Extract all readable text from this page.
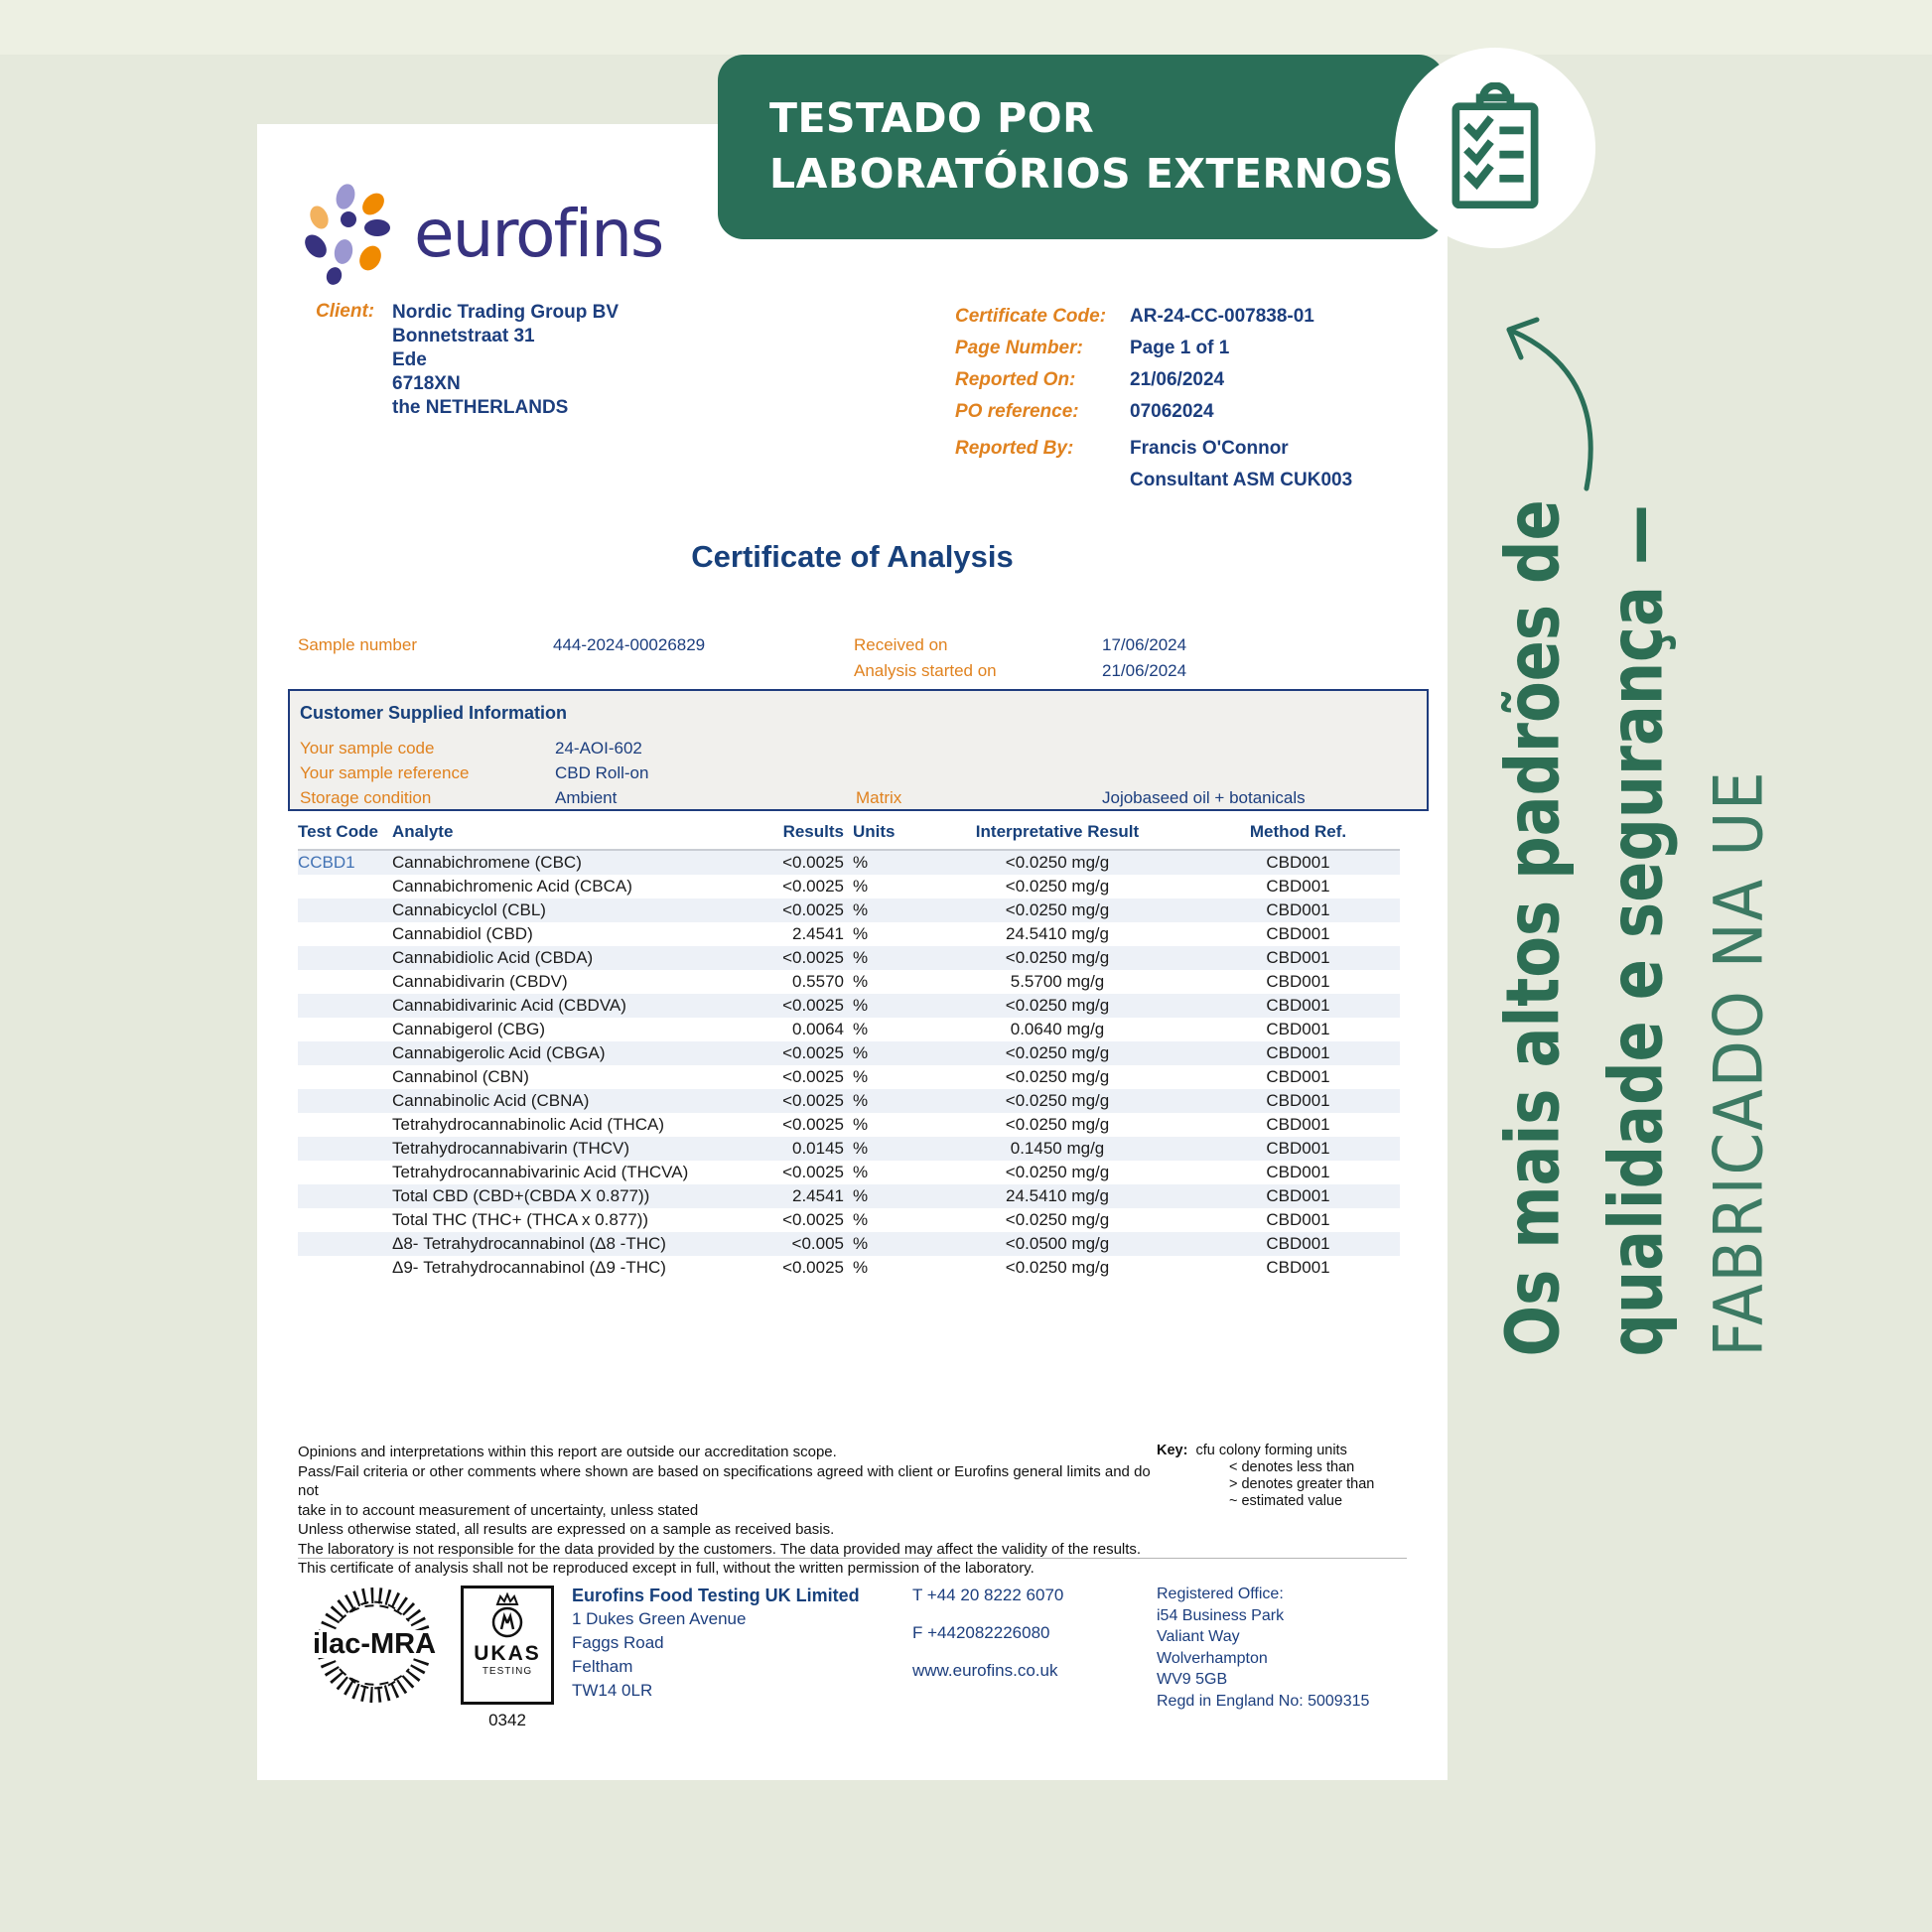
eurofins
Client: Nordic Trading Group BV
Bonnetstraat 31
Ede
6718XN
the NETHERLANDS
Certificate Code:	AR-24-CC-007838-01
Page Number:	Page 1 of 1
Reported On:	21/06/2024
PO reference:	07062024
Reported By:	Francis O'Connor
Consultant ASM CUK003
Certificate of Analysis
Sample number	444-2024-00026829	Received on	17/06/2024
Analysis started on	21/06/2024
Customer Supplied Information
Your sample code	24-AOI-602
Your sample reference	CBD Roll-on
Storage condition	Ambient	Matrix	Jojobaseed oil + botanicals
Test Code Analyte	Results Units	Interpretative Result	Method Ref.
CCBD1	Cannabichromene (CBC)	<0.0025 %	<0.0250 mg/g	CBD001
Cannabichromenic Acid (CBCA)	<0.0025 %	<0.0250 mg/g	CBD001
Cannabicyclol (CBL)	<0.0025 %	<0.0250 mg/g	CBD001
Cannabidiol (CBD)	2.4541 %	24.5410 mg/g	CBD001
Cannabidiolic Acid (CBDA)	<0.0025 %	<0.0250 mg/g	CBD001
Cannabidivarin (CBDV)	0.5570 %	5.5700 mg/g	CBD001
Cannabidivarinic Acid (CBDVA)	<0.0025 %	<0.0250 mg/g	CBD001
Cannabigerol (CBG)	0.0064 %	0.0640 mg/g	CBD001
Cannabigerolic Acid (CBGA)	<0.0025 %	<0.0250 mg/g	CBD001
Cannabinol (CBN)	<0.0025 %	<0.0250 mg/g	CBD001
Cannabinolic Acid (CBNA)	<0.0025 %	<0.0250 mg/g	CBD001
Tetrahydrocannabinolic Acid (THCA)	<0.0025 %	<0.0250 mg/g	CBD001
Tetrahydrocannabivarin (THCV)	0.0145 %	0.1450 mg/g	CBD001
Tetrahydrocannabivarinic Acid (THCVA)	<0.0025 %	<0.0250 mg/g	CBD001
Total CBD (CBD+(CBDA X 0.877))	2.4541 %	24.5410 mg/g	CBD001
Total THC (THC+ (THCA x 0.877))	<0.0025 %	<0.0250 mg/g	CBD001
Δ8- Tetrahydrocannabinol (Δ8 -THC)	<0.005 %	<0.0500 mg/g	CBD001
Δ9- Tetrahydrocannabinol (Δ9 -THC)	<0.0025 %	<0.0250 mg/g	CBD001
Opinions and interpretations within this report are outside our accreditation scope.
Pass/Fail criteria or other comments where shown are based on specifications agreed with client or Eurofins general limits and do not
take in to account measurement of uncertainty, unless stated
Unless otherwise stated, all results are expressed on a sample as received basis.
The laboratory is not responsible for the data provided by the customers. The data provided may affect the validity of the results.
This certificate of analysis shall not be reproduced except in full, without the written permission of the laboratory.
Key: cfu colony forming units
< denotes less than
> denotes greater than
~ estimated value
ilac-MRA UKAS
TESTING
0342
Eurofins Food Testing UK Limited
1 Dukes Green Avenue
Faggs Road
Feltham
TW14 0LR
T +44 20 8222 6070
F +442082226080
www.eurofins.co.uk
Registered Office:
i54 Business Park
Valiant Way
Wolverhampton
WV9 5GB
Regd in England No: 5009315
TESTADO POR
LABORATÓRIOS EXTERNOS
Os mais altos padrões de qualidade e segurança — FABRICADO NA UE
